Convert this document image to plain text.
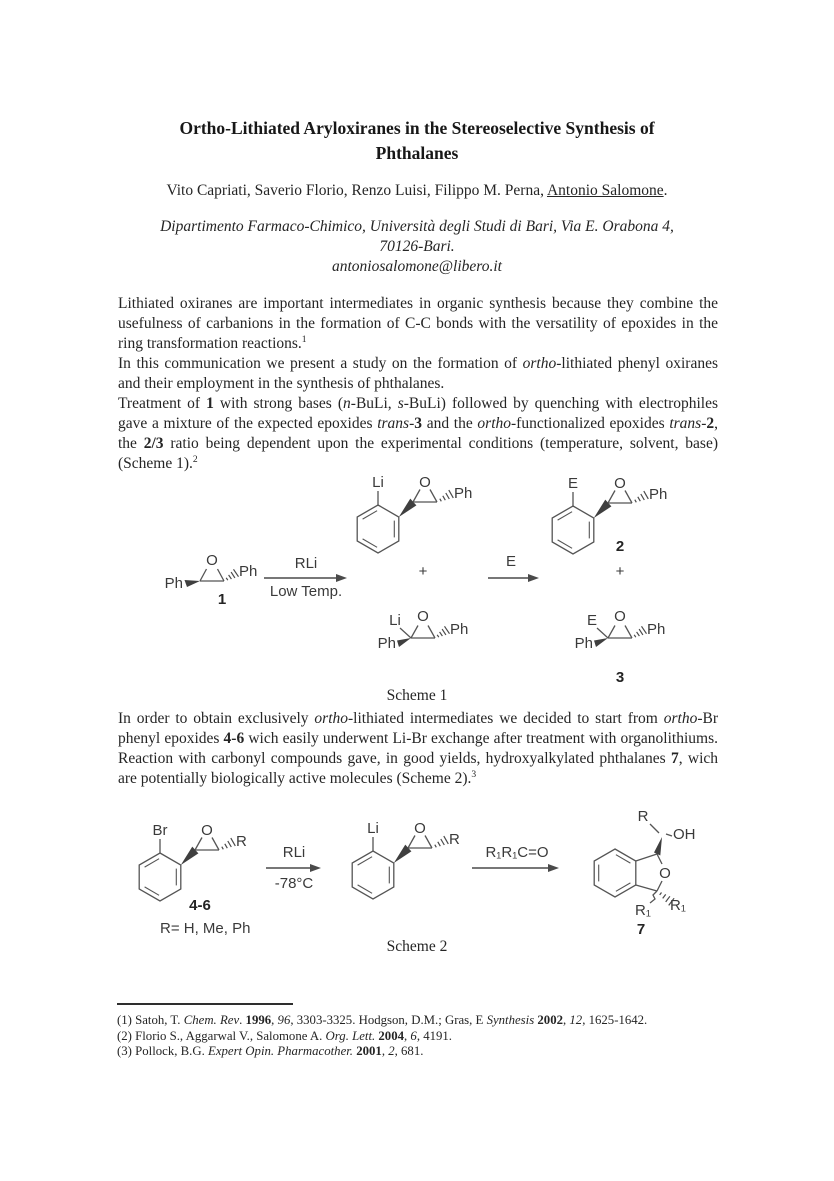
Ortho-Lithiated Aryloxiranes in the Stereoselective Synthesis of
Phthalanes
Vito Capriati, Saverio Florio, Renzo Luisi, Filippo M. Perna, Antonio Salomone.
Dipartimento Farmaco-Chimico, Università degli Studi di Bari, Via E. Orabona 4,
70126-Bari.
antoniosalomone@libero.it

Lithiated oxiranes are important intermediates in organic synthesis because they combine the usefulness of carbanions in the formation of C-C bonds with the versatility of epoxides in the ring transformation reactions.$^1$

In this communication we present a study on the formation of ortho-lithiated phenyl oxiranes and their employment in the synthesis of phthalanes.

Treatment of 1 with strong bases (n-BuLi, s-BuLi) followed by quenching with electrophiles gave a mixture of the expected epoxides trans-3 and the ortho-functionalized epoxides trans-2, the 2/3 ratio being dependent upon the experimental conditions (temperature, solvent, base) (Scheme 1).$^2$

O
Ph
Ph
1
RLi
Low Temp.
Li O
Ph
+
Li O
Ph
Ph
E
E O
Ph
2
+
E O
Ph
Ph
3
Scheme 1

In order to obtain exclusively ortho-lithiated intermediates we decided to start from ortho-Br phenyl epoxides 4-6 wich easily underwent Li-Br exchange after treatment with organolithiums. Reaction with carbonyl compounds gave, in good yields, hydroxyalkylated phthalanes 7, wich are potentially biologically active molecules (Scheme 2).$^3$

Br O
R
4-6
R= H, Me, Ph
RLi
-78°C
Li O
R
R₁R₁C=O
O
R
OH
R₁
R₁
7
Scheme 2

(1) Satoh, T. Chem. Rev. 1996, 96, 3303-3325. Hodgson, D.M.; Gras, E Synthesis 2002, 12, 1625-1642.

(2) Florio S., Aggarwal V., Salomone A. Org. Lett. 2004, 6, 4191.

(3) Pollock, B.G. Expert Opin. Pharmacother. 2001, 2, 681.
